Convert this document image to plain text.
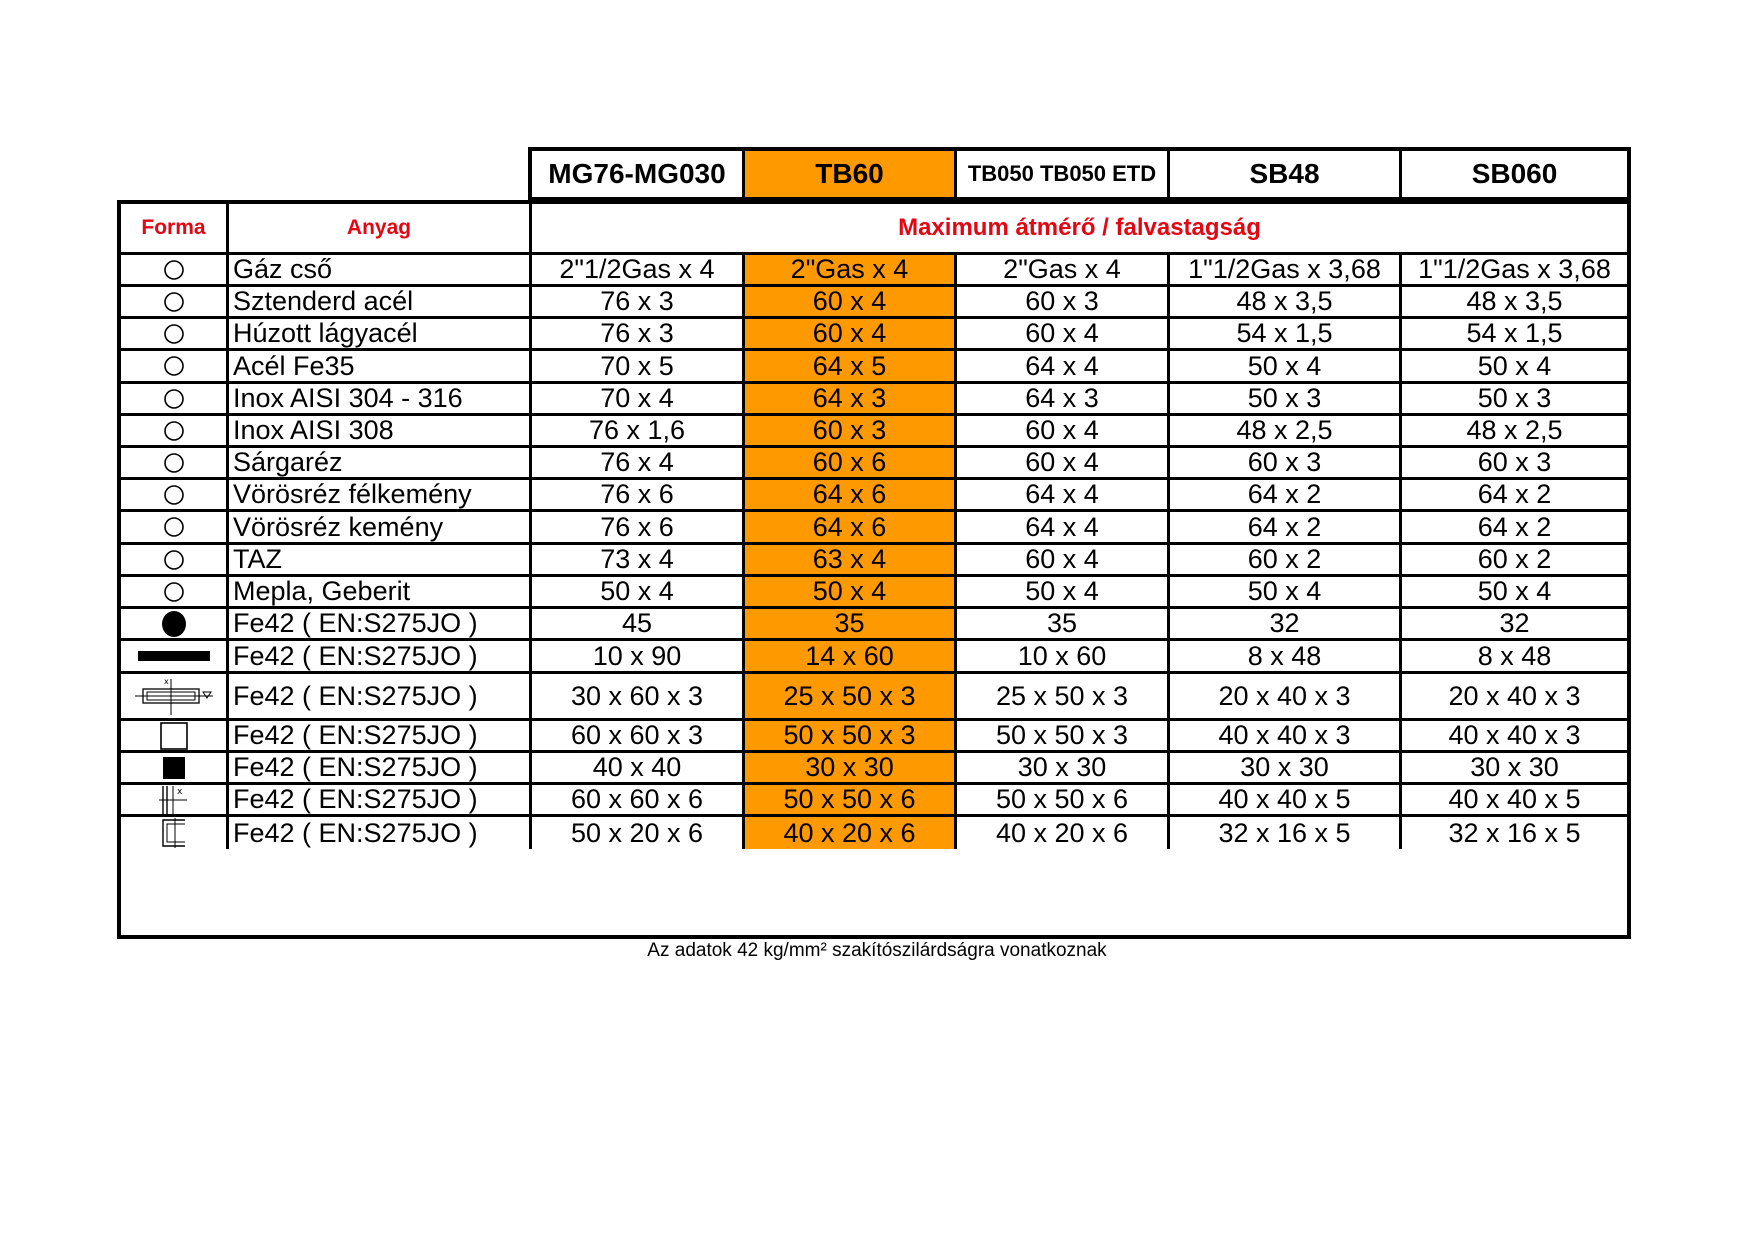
MG76-MG030	TB60	TB050 TB050 ETD	SB48	SB060
Forma	Anyag	Maximum átmérő / falvastagság
Gáz cső	2"1/2Gas x 4	2"Gas x 4	2"Gas x 4	1"1/2Gas x 3,68	1"1/2Gas x 3,68
Sztenderd acél	76 x 3	60 x 4	60 x 3	48 x 3,5	48 x 3,5
Húzott lágyacél	76 x 3	60 x 4	60 x 4	54 x 1,5	54 x 1,5
Acél Fe35	70 x 5	64 x 5	64 x 4	50 x 4	50 x 4
Inox AISI 304 - 316	70 x 4	64 x 3	64 x 3	50 x 3	50 x 3
Inox AISI 308	76 x 1,6	60 x 3	60 x 4	48 x 2,5	48 x 2,5
Sárgaréz	76 x 4	60 x 6	60 x 4	60 x 3	60 x 3
Vörösréz félkemény	76 x 6	64 x 6	64 x 4	64 x 2	64 x 2
Vörösréz kemény	76 x 6	64 x 6	64 x 4	64 x 2	64 x 2
TAZ	73 x 4	63 x 4	60 x 4	60 x 2	60 x 2
Mepla, Geberit	50 x 4	50 x 4	50 x 4	50 x 4	50 x 4
Fe42 ( EN:S275JO )	45	35	35	32	32
Fe42 ( EN:S275JO )	10 x 90	14 x 60	10 x 60	8 x 48	8 x 48
x Fe42 ( EN:S275JO )	30 x 60 x 3	25 x 50 x 3	25 x 50 x 3	20 x 40 x 3	20 x 40 x 3
Fe42 ( EN:S275JO )	60 x 60 x 3	50 x 50 x 3	50 x 50 x 3	40 x 40 x 3	40 x 40 x 3
Fe42 ( EN:S275JO )	40 x 40	30 x 30	30 x 30	30 x 30	30 x 30
x Fe42 ( EN:S275JO )	60 x 60 x 6	50 x 50 x 6	50 x 50 x 6	40 x 40 x 5	40 x 40 x 5
Fe42 ( EN:S275JO )	50 x 20 x 6	40 x 20 x 6	40 x 20 x 6	32 x 16 x 5	32 x 16 x 5
Az adatok 42 kg/mm² szakítószilárdságra vonatkoznak
